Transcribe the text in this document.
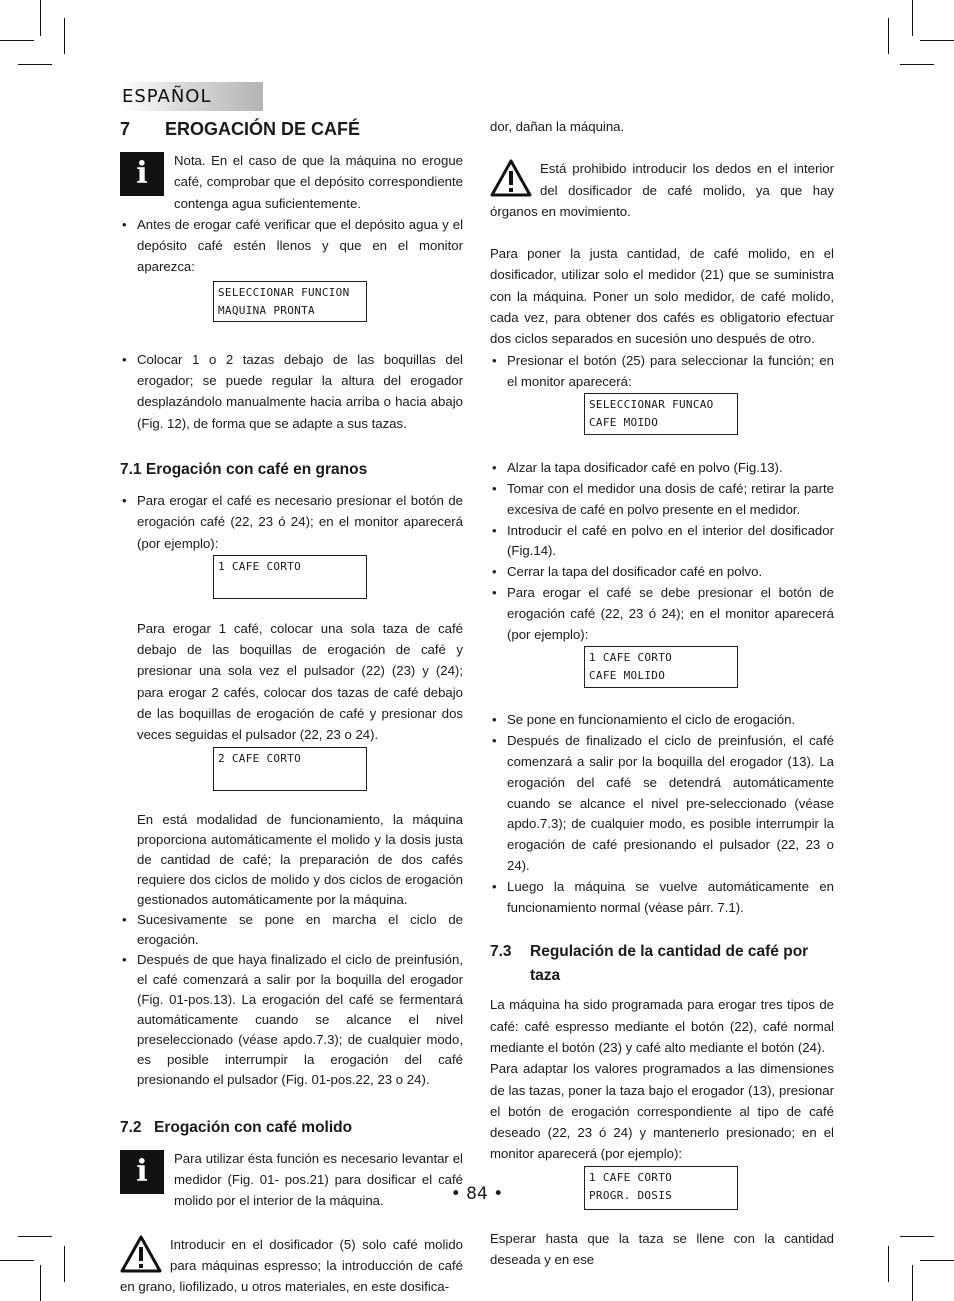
ESPAÑOL
7 EROGACIÓN DE CAFÉ
i	Nota. En el caso de que la máquina no erogue café, comprobar que el depósito correspondiente contenga agua suficientemente.

• Antes de erogar café verificar que el depósito agua y el depósito café estén llenos y que en el monitor aparezca:
SELECCIONAR FUNCION
MAQUINA PRONTA
• Colocar 1 o 2 tazas debajo de las boquillas del erogador; se puede regular la altura del erogador desplazándolo manualmente hacia arriba o hacia abajo (Fig. 12), de forma que se adapte a sus tazas.
7.1 Erogación con café en granos
• Para erogar el café es necesario presionar el botón de erogación café (22, 23 ó 24); en el monitor aparecerá (por ejemplo):
1 CAFE CORTO

Para erogar 1 café, colocar una sola taza de café debajo de las boquillas de erogación de café y presionar una sola vez el pulsador (22) (23) y (24); para erogar 2 cafés, colocar dos tazas de café debajo de las boquillas de erogación de café y presionar dos veces seguidas el pulsador (22, 23 o 24).

2 CAFE CORTO

En está modalidad de funcionamiento, la máquina proporciona automáticamente el molido y la dosis justa de cantidad de café; la preparación de dos cafés requiere dos ciclos de molido y dos ciclos de erogación gestionados automáticamente por la máquina.

• Sucesivamente se pone en marcha el ciclo de erogación.
• Después de que haya finalizado el ciclo de preinfusión, el café comenzará a salir por la boquilla del erogador (Fig. 01-pos.13). La erogación del café se fermentará automáticamente cuando se alcance el nivel preseleccionado (véase apdo.7.3); de cualquier modo, es posible interrumpir la erogación del café presionando el pulsador (Fig. 01-pos.22, 23 o 24).
7.2 Erogación con café molido
i	Para utilizar ésta función es necesario levantar el medidor (Fig. 01- pos.21) para dosificar el café molido por el interior de la máquina.

Introducir en el dosificador (5) solo café molido para máquinas espresso; la introducción de café en grano, liofilizado, u otros materiales, en este dosifica-

dor, dañan la máquina.

Está prohibido introducir los dedos en el interior del dosificador de café molido, ya que hay órganos en movimiento.

Para poner la justa cantidad, de café molido, en el dosificador, utilizar solo el medidor (21) que se suministra con la máquina. Poner un solo medidor, de café molido, cada vez, para obtener dos cafés es obligatorio efectuar dos ciclos separados en sucesión uno después de otro.

• Presionar el botón (25) para seleccionar la función; en el monitor aparecerá:
SELECCIONAR FUNCAO
CAFE MOIDO
• Alzar la tapa dosificador café en polvo (Fig.13).
• Tomar con el medidor una dosis de café; retirar la parte excesiva de café en polvo presente en el medidor.
• Introducir el café en polvo en el interior del dosificador (Fig.14).
• Cerrar la tapa del dosificador café en polvo.
• Para erogar el café se debe presionar el botón de erogación café (22, 23 ó 24); en el monitor aparecerá (por ejemplo):
1 CAFE CORTO
CAFE MOLIDO
• Se pone en funcionamiento el ciclo de erogación.
• Después de finalizado el ciclo de preinfusión, el café comenzará a salir por la boquilla del erogador (13). La erogación del café se detendrá automáticamente cuando se alcance el nivel pre-seleccionado (véase apdo.7.3); de cualquier modo, es posible interrumpir la erogación de café presionando el pulsador (22, 23 o 24).
• Luego la máquina se vuelve automáticamente en funcionamiento normal (véase párr. 7.1).
7.3 Regulación de la cantidad de café por
taza

La máquina ha sido programada para erogar tres tipos de café: café espresso mediante el botón (22), café normal mediante el botón (23) y café alto mediante el botón (24).

Para adaptar los valores programados a las dimensiones de las tazas, poner la taza bajo el erogador (13), presionar el botón de erogación correspondiente al tipo de café deseado (22, 23 ó 24) y mantenerlo presionado; en el monitor aparecerá (por ejemplo):

1 CAFE CORTO
PROGR. DOSIS

Esperar hasta que la taza se llene con la cantidad deseada y en ese

• 84 •
